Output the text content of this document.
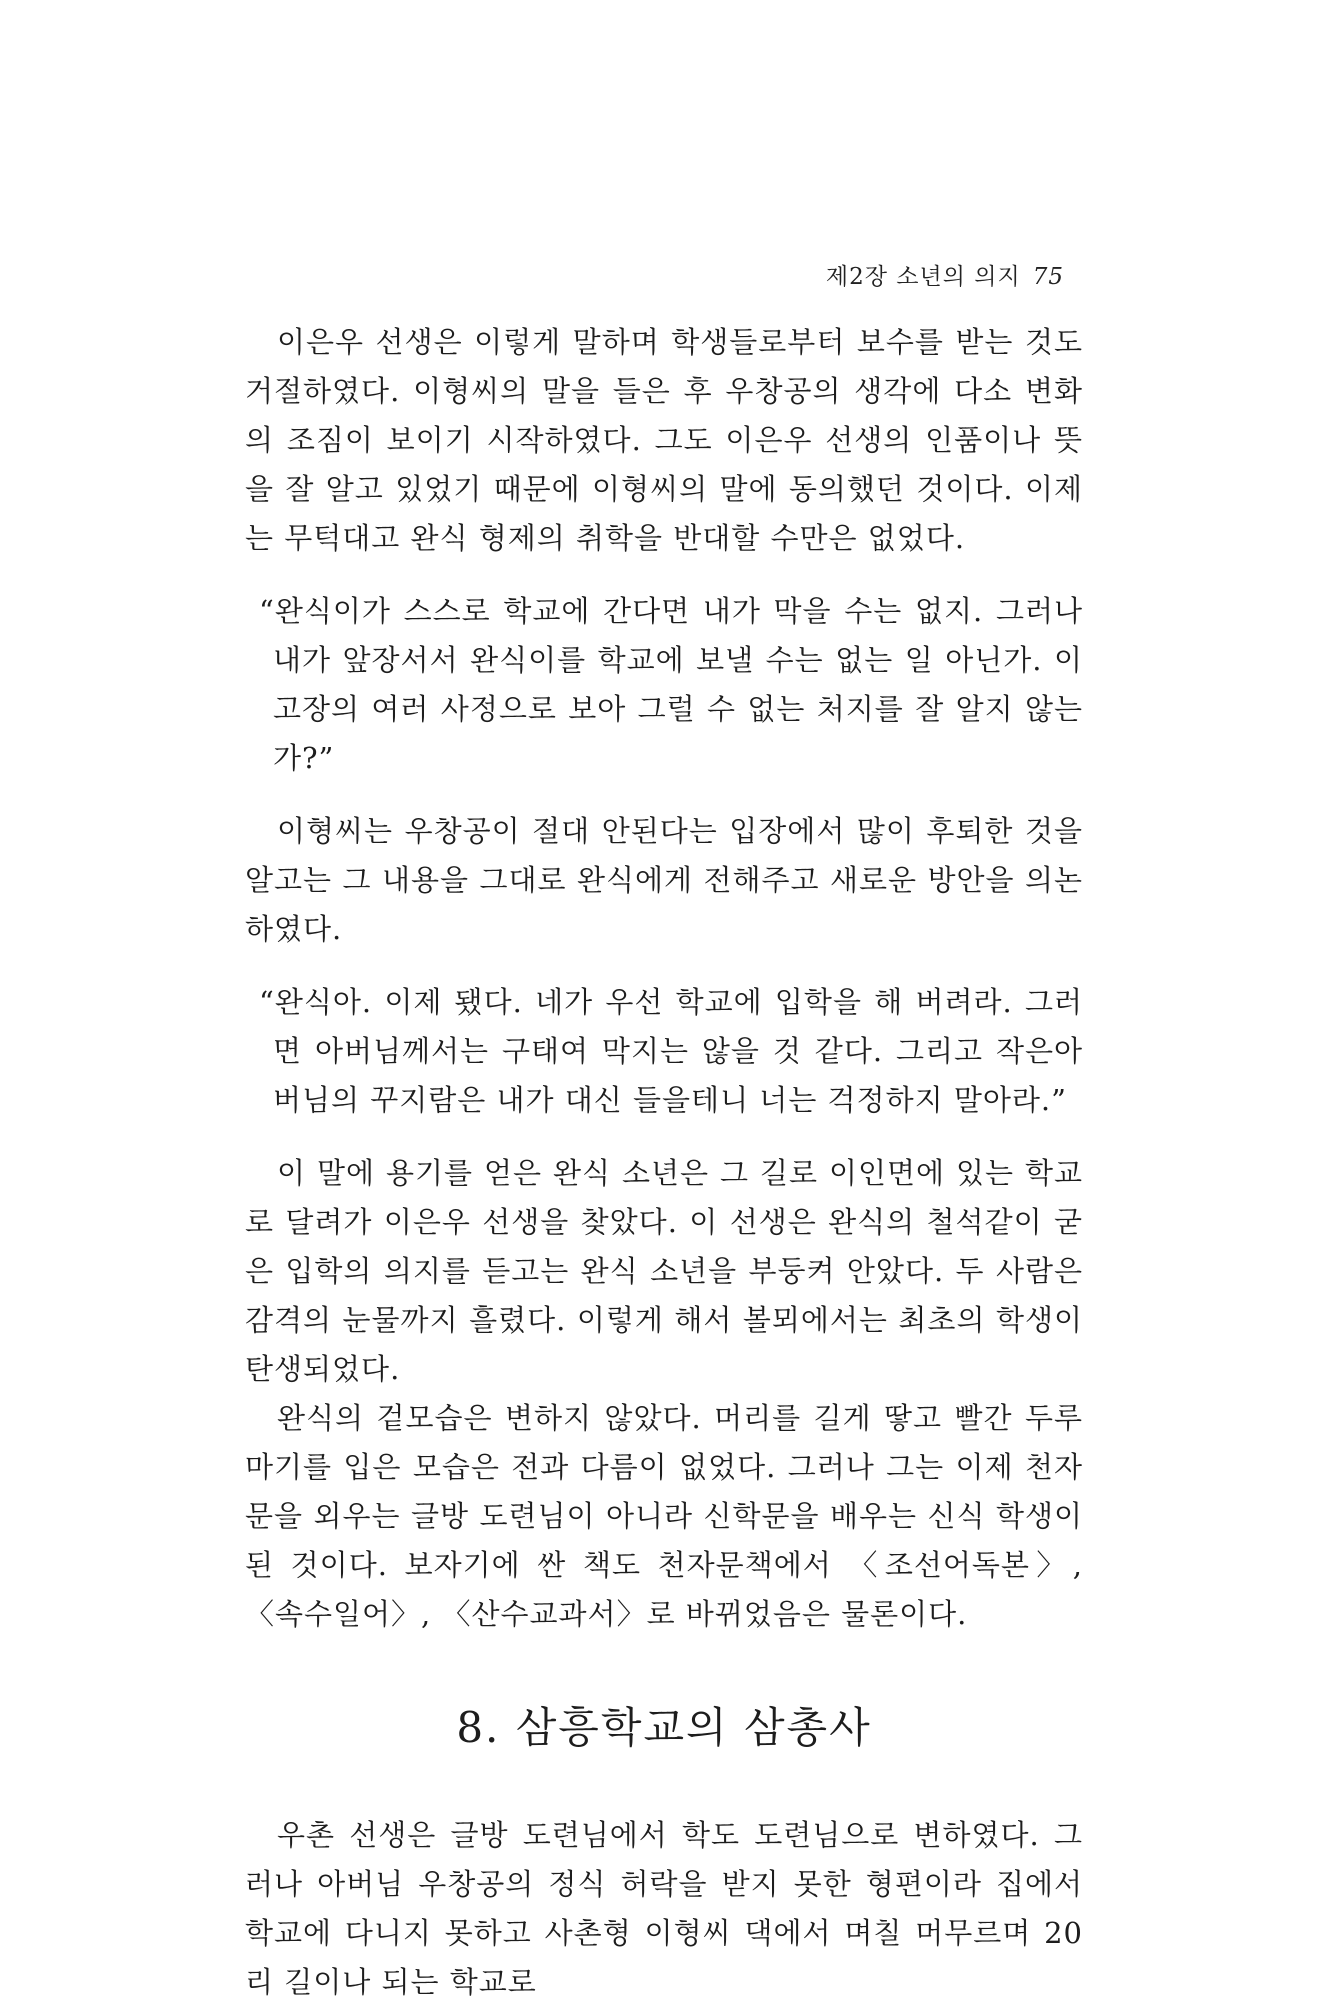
제2장 소년의 의지 75

이은우 선생은 이렇게 말하며 학생들로부터 보수를 받는 것도 거절하였다. 이형씨의 말을 들은 후 우창공의 생각에 다소 변화의 조짐이 보이기 시작하였다. 그도 이은우 선생의 인품이나 뜻을 잘 알고 있었기 때문에 이형씨의 말에 동의했던 것이다. 이제는 무턱대고 완식 형제의 취학을 반대할 수만은 없었다.

“완식이가 스스로 학교에 간다면 내가 막을 수는 없지. 그러나 내가 앞장서서 완식이를 학교에 보낼 수는 없는 일 아닌가. 이 고장의 여러 사정으로 보아 그럴 수 없는 처지를 잘 알지 않는가?”

이형씨는 우창공이 절대 안된다는 입장에서 많이 후퇴한 것을 알고는 그 내용을 그대로 완식에게 전해주고 새로운 방안을 의논하였다.

“완식아. 이제 됐다. 네가 우선 학교에 입학을 해 버려라. 그러면 아버님께서는 구태여 막지는 않을 것 같다. 그리고 작은아버님의 꾸지람은 내가 대신 들을테니 너는 걱정하지 말아라.”

이 말에 용기를 얻은 완식 소년은 그 길로 이인면에 있는 학교로 달려가 이은우 선생을 찾았다. 이 선생은 완식의 철석같이 굳은 입학의 의지를 듣고는 완식 소년을 부둥켜 안았다. 두 사람은 감격의 눈물까지 흘렸다. 이렇게 해서 볼뫼에서는 최초의 학생이 탄생되었다.

완식의 겉모습은 변하지 않았다. 머리를 길게 땋고 빨간 두루마기를 입은 모습은 전과 다름이 없었다. 그러나 그는 이제 천자문을 외우는 글방 도련님이 아니라 신학문을 배우는 신식 학생이 된 것이다. 보자기에 싼 책도 천자문책에서 〈조선어독본〉, 〈속수일어〉, 〈산수교과서〉로 바뀌었음은 물론이다.

8. 삼흥학교의 삼총사

우촌 선생은 글방 도련님에서 학도 도련님으로 변하였다. 그러나 아버님 우창공의 정식 허락을 받지 못한 형편이라 집에서 학교에 다니지 못하고 사촌형 이형씨 댁에서 며칠 머무르며 20리 길이나 되는 학교로
